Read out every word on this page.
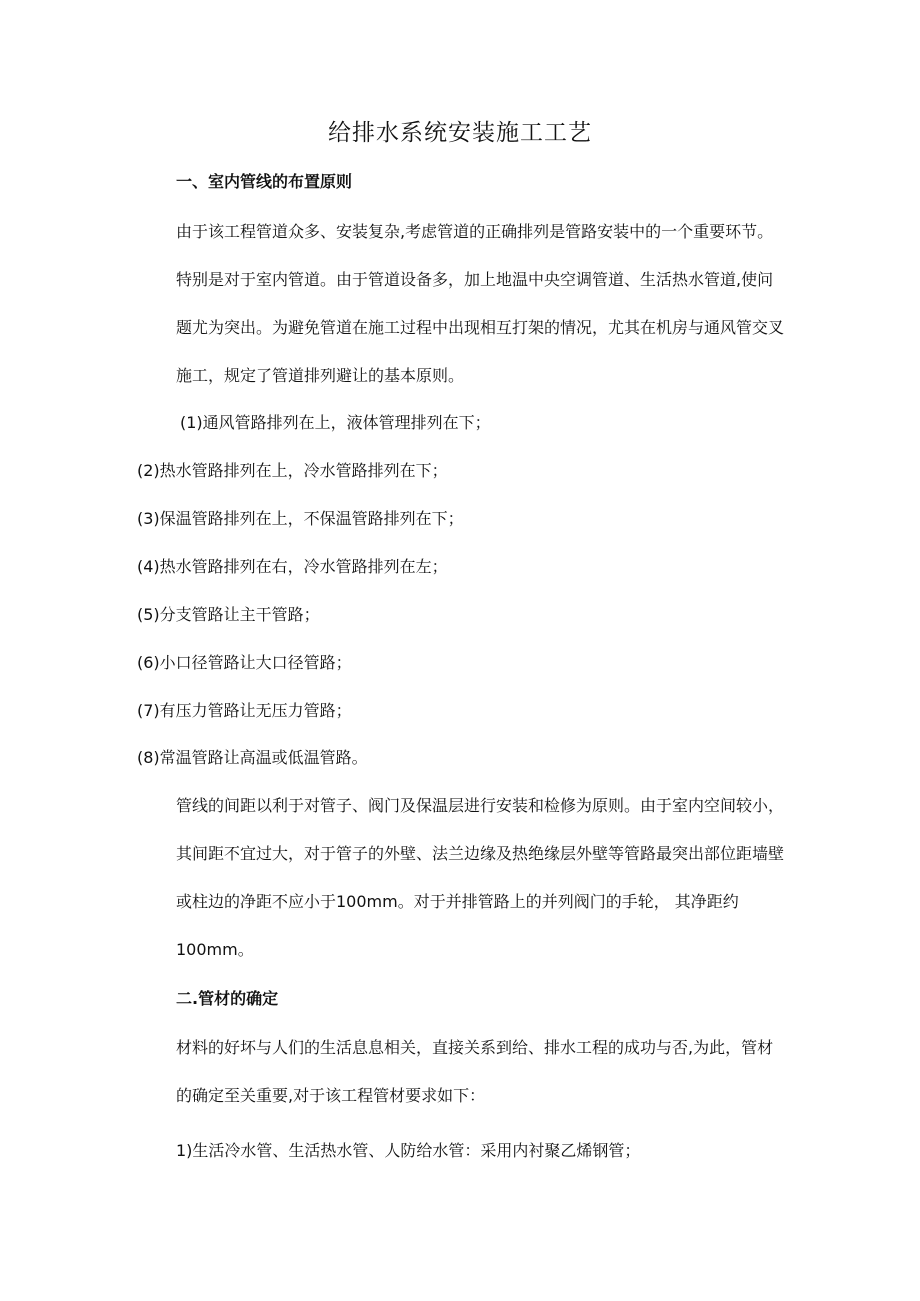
给排水系统安装施工工艺
一、室内管线的布置原则
由于该工程管道众多、安装复杂,考虑管道的正确排列是管路安装中的一个重要环节。特别是对于室内管道。由于管道设备多，加上地温中央空调管道、生活热水管道,使问题尤为突出。为避免管道在施工过程中出现相互打架的情况，尤其在机房与通风管交叉施工，规定了管道排列避让的基本原则。
(1)通风管路排列在上，液体管理排列在下；
(2)热水管路排列在上，冷水管路排列在下；
(3)保温管路排列在上，不保温管路排列在下；
(4)热水管路排列在右，冷水管路排列在左；
(5)分支管路让主干管路；
(6)小口径管路让大口径管路；
(7)有压力管路让无压力管路；
(8)常温管路让高温或低温管路。
管线的间距以利于对管子、阀门及保温层进行安装和检修为原则。由于室内空间较小，其间距不宜过大，对于管子的外壁、法兰边缘及热绝缘层外壁等管路最突出部位距墙壁或柱边的净距不应小于100mm。对于并排管路上的并列阀门的手轮， 其净距约100mm。
二.管材的确定
材料的好坏与人们的生活息息相关，直接关系到给、排水工程的成功与否,为此，管材的确定至关重要,对于该工程管材要求如下：
1)生活冷水管、生活热水管、人防给水管：采用内衬聚乙烯钢管；
